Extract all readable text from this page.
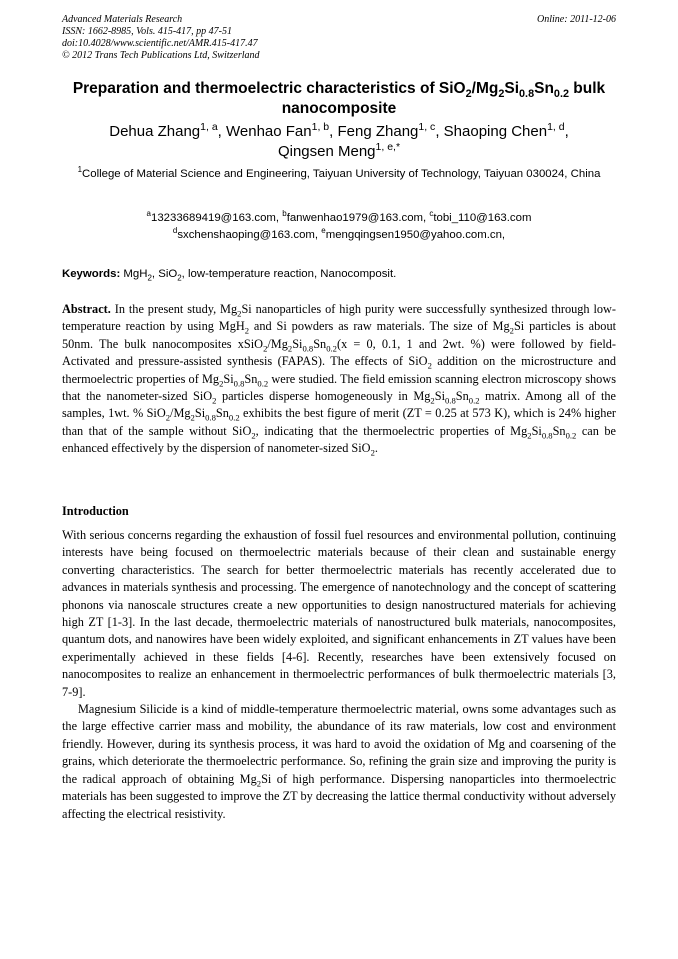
Advanced Materials Research
ISSN: 1662-8985, Vols. 415-417, pp 47-51
doi:10.4028/www.scientific.net/AMR.415-417.47
© 2012 Trans Tech Publications Ltd, Switzerland
Online: 2011-12-06
Preparation and thermoelectric characteristics of $SiO_2/Mg_2Si_{0.8}Sn_{0.2}$ bulk nanocomposite
Dehua Zhang$^{1, a}$, Wenhao Fan$^{1, b}$, Feng Zhang$^{1, c}$, Shaoping Chen$^{1, d}$,
Qingsen Meng$^{1, e,*}$
$^1$College of Material Science and Engineering, Taiyuan University of Technology, Taiyuan 030024, China
$^a$13233689419@163.com, $^b$fanwenhao1979@163.com, $^c$tobi_110@163.com
$^d$sxchenshaoping@163.com, $^e$mengqingsen1950@yahoo.com.cn,
Keywords: MgH$_2$, SiO$_2$, low-temperature reaction, Nanocomposit.
Abstract. In the present study, $Mg_2Si$ nanoparticles of high purity were successfully synthesized through low-temperature reaction by using MgH$_2$ and Si powders as raw materials. The size of $Mg_2Si$ particles is about 50nm. The bulk nanocomposites $xSiO_2/Mg_2Si_{0.8}Sn_{0.2}(x = 0$, 0.1, 1 and 2wt. %) were followed by field-Activated and pressure-assisted synthesis (FAPAS). The effects of SiO$_2$ addition on the microstructure and thermoelectric properties of $Mg_2Si_{0.8}Sn_{0.2}$ were studied. The field emission scanning electron microscopy shows that the nanometer-sized SiO$_2$ particles disperse homogeneously in $Mg_2Si_{0.8}Sn_{0.2}$ matrix. Among all of the samples, 1wt. % $SiO_2/Mg_2Si_{0.8}Sn_{0.2}$ exhibits the best figure of merit (ZT = 0.25 at 573 K), which is 24% higher than that of the sample without SiO$_2$, indicating that the thermoelectric properties of $Mg_2Si_{0.8}Sn_{0.2}$ can be enhanced effectively by the dispersion of nanometer-sized SiO$_2$.
Introduction

With serious concerns regarding the exhaustion of fossil fuel resources and environmental pollution, continuing interests have being focused on thermoelectric materials because of their clean and sustainable energy converting characteristics. The search for better thermoelectric materials has recently accelerated due to advances in materials synthesis and processing. The emergence of nanotechnology and the concept of scattering phonons via nanoscale structures create a new opportunities to design nanostructured materials for achieving high ZT [1-3]. In the last decade, thermoelectric materials of nanostructured bulk materials, nanocomposites, quantum dots, and nanowires have been widely exploited, and significant enhancements in ZT values have been experimentally achieved in these fields [4-6]. Recently, researches have been extensively focused on nanocomposites to realize an enhancement in thermoelectric performances of bulk thermoelectric materials [3, 7-9].

Magnesium Silicide is a kind of middle-temperature thermoelectric material, owns some advantages such as the large effective carrier mass and mobility, the abundance of its raw materials, low cost and environment friendly. However, during its synthesis process, it was hard to avoid the oxidation of Mg and coarsening of the grains, which deteriorate the thermoelectric performance. So, refining the grain size and improving the purity is the radical approach of obtaining $Mg_2Si$ of high performance. Dispersing nanoparticles into thermoelectric materials has been suggested to improve the ZT by decreasing the lattice thermal conductivity without adversely affecting the electrical resistivity.
